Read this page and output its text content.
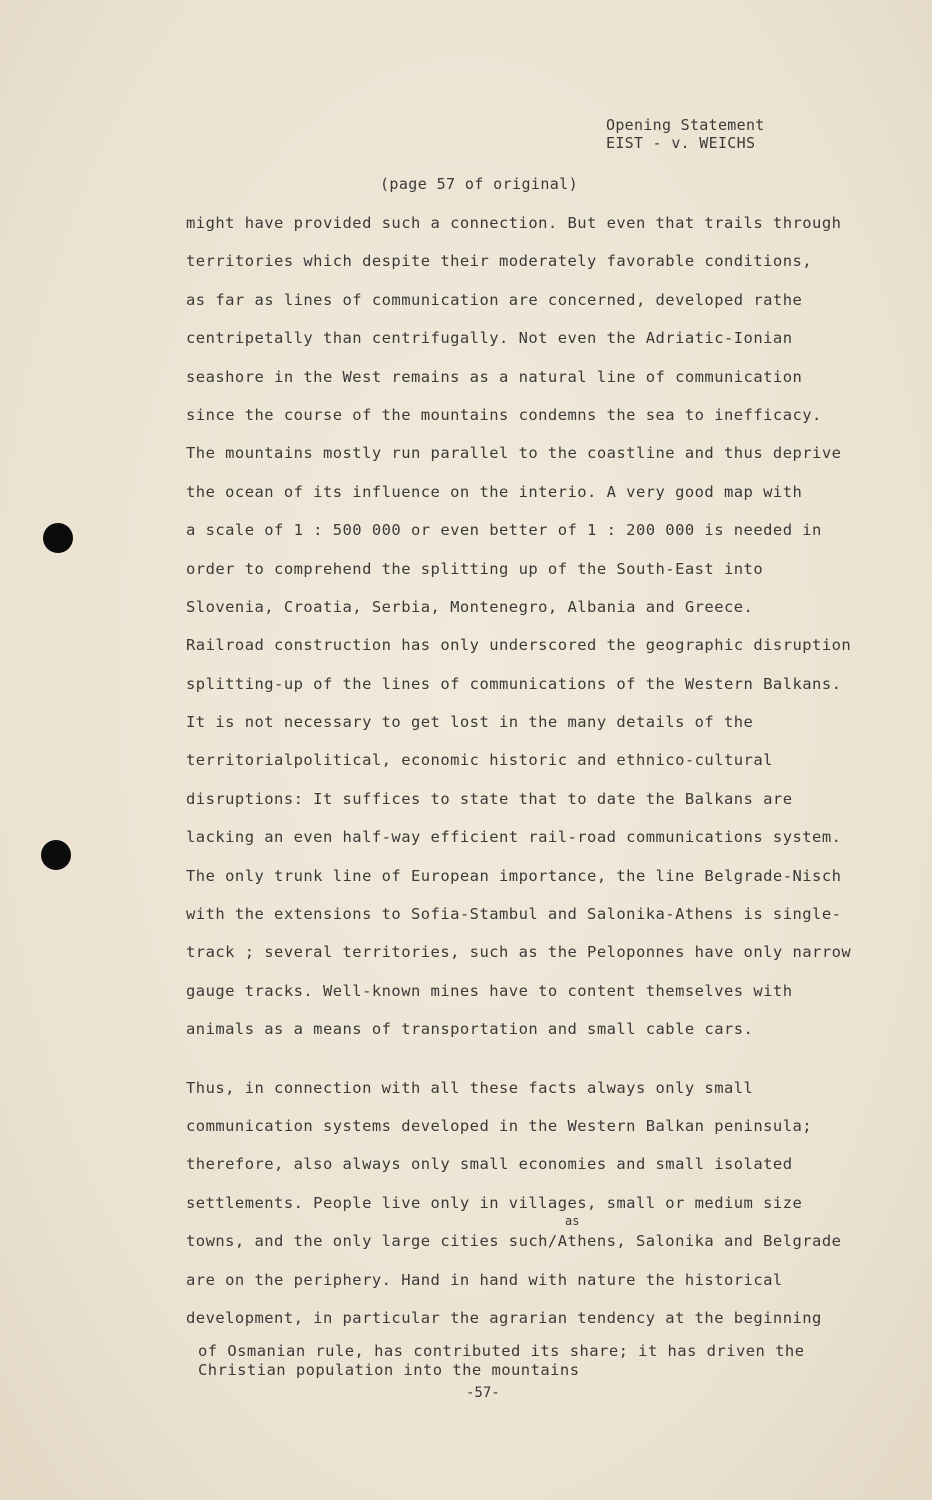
Opening Statement
EIST - v. WEICHS
(page 57 of original)
might have provided such a connection. But even that trails through
territories which despite their moderately favorable conditions,
as far as lines of communication are concerned, developed rathe
centripetally than centrifugally. Not even the Adriatic-Ionian
seashore in the West remains as a natural line of communication
since the course of the mountains condemns the sea to inefficacy.
The mountains mostly run parallel to the coastline and thus deprive
the ocean of its influence on the interio. A very good map with
a scale of 1 : 500 000 or even better of 1 : 200 000 is needed in
order to comprehend the splitting up of the South-East into
Slovenia, Croatia, Serbia, Montenegro, Albania and Greece.
Railroad construction has only underscored the geographic disruption
splitting-up of the lines of communications of the Western Balkans.
It is not necessary to get lost in the many details of the
territorialpolitical, economic historic and ethnico-cultural
disruptions: It suffices to state that to date the Balkans are
lacking an even half-way efficient rail-road communications system.
The only trunk line of European importance, the line Belgrade-Nisch
with the extensions to Sofia-Stambul and Salonika-Athens is single-
track ; several territories, such as the Peloponnes have only narrow
gauge tracks. Well-known mines have to content themselves with
animals as a means of transportation and small cable cars.
Thus, in connection with all these facts always only small
communication systems developed in the Western Balkan peninsula;
therefore, also always only small economies and small isolated
settlements. People live only in villages, small or medium size
towns, and the only large cities such/Athens, Salonika and Belgrade
are on the periphery. Hand in hand with nature the historical
development, in particular the agrarian tendency at the beginning
as
of Osmanian rule, has contributed its share; it has driven the
Christian population into the mountains
-57-
